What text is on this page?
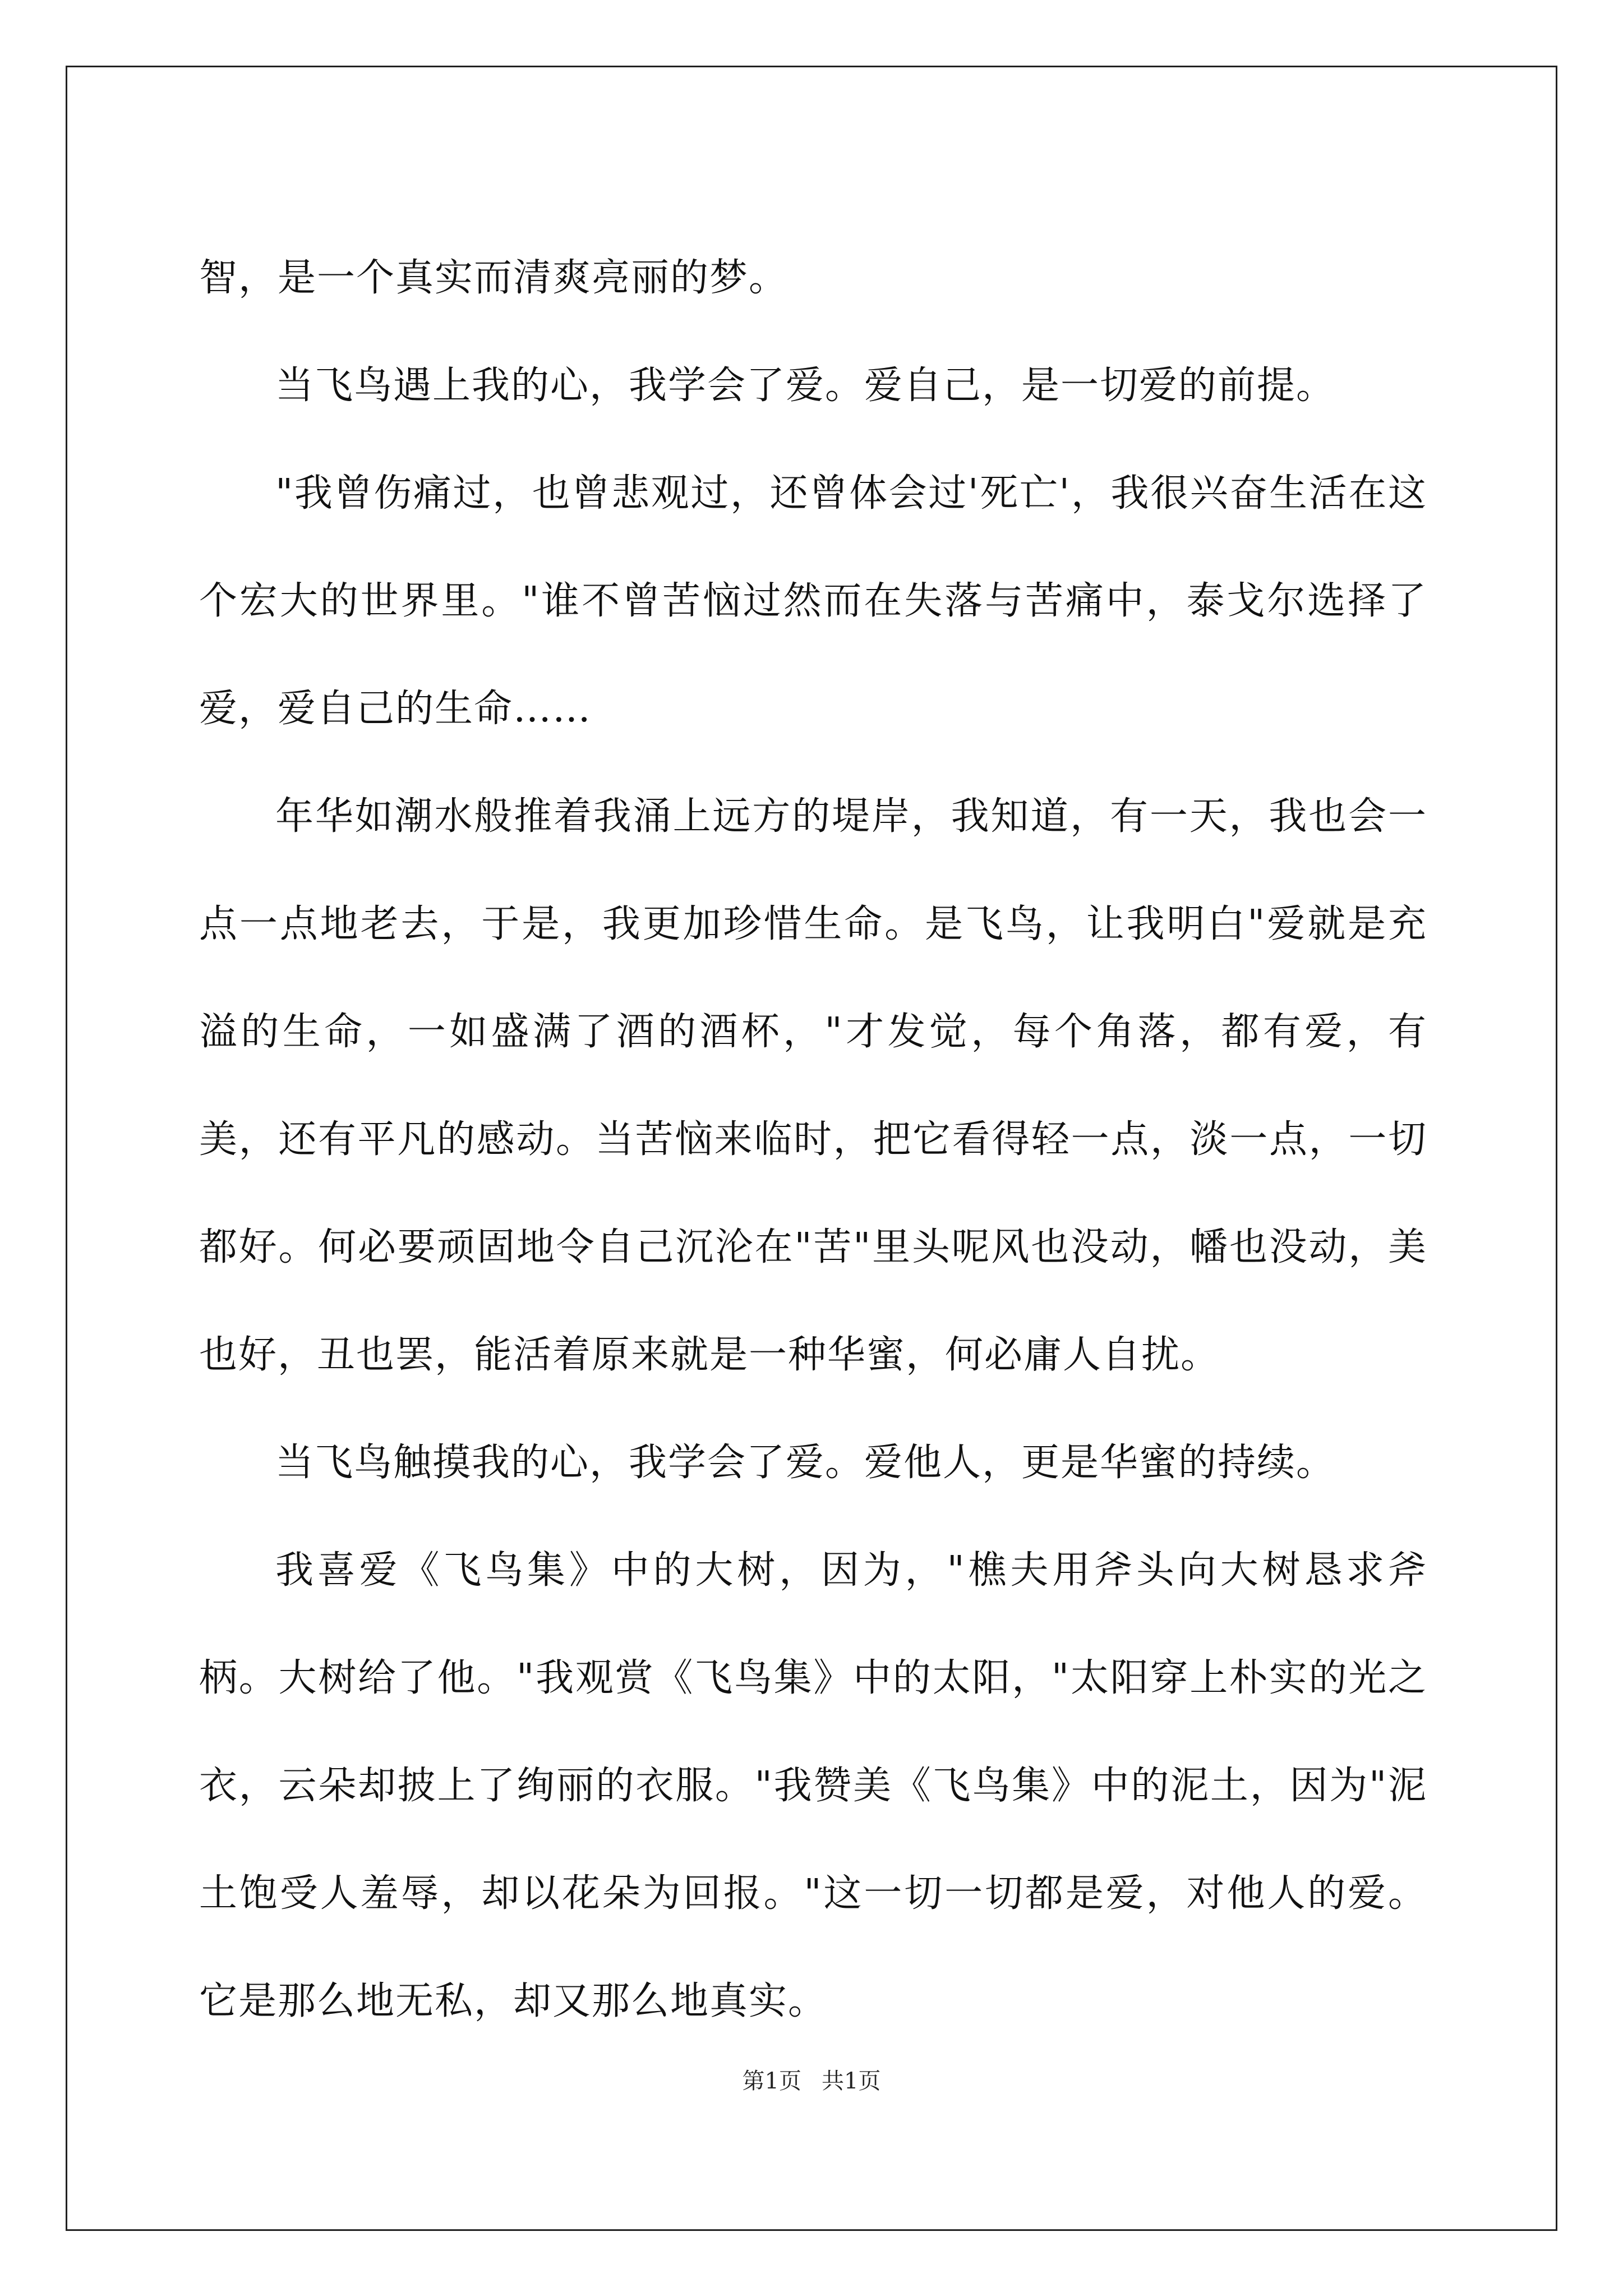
智，是一个真实而清爽亮丽的梦。

当飞鸟遇上我的心，我学会了爱。爱自己，是一切爱的前提。

"我曾伤痛过，也曾悲观过，还曾体会过'死亡'，我很兴奋生活在这个宏大的世界里。"谁不曾苦恼过然而在失落与苦痛中，泰戈尔选择了爱，爱自己的生命……

年华如潮水般推着我涌上远方的堤岸，我知道，有一天，我也会一点一点地老去，于是，我更加珍惜生命。是飞鸟，让我明白"爱就是充溢的生命，一如盛满了酒的酒杯，"才发觉，每个角落，都有爱，有美，还有平凡的感动。当苦恼来临时，把它看得轻一点，淡一点，一切都好。何必要顽固地令自己沉沦在"苦"里头呢风也没动，幡也没动，美也好，丑也罢，能活着原来就是一种华蜜，何必庸人自扰。

当飞鸟触摸我的心，我学会了爱。爱他人，更是华蜜的持续。

我喜爱《飞鸟集》中的大树，因为，"樵夫用斧头向大树恳求斧柄。大树给了他。"我观赏《飞鸟集》中的太阳，"太阳穿上朴实的光之衣，云朵却披上了绚丽的衣服。"我赞美《飞鸟集》中的泥土，因为"泥土饱受人羞辱，却以花朵为回报。"这一切一切都是爱，对他人的爱。它是那么地无私，却又那么地真实。

第1页 共1页
